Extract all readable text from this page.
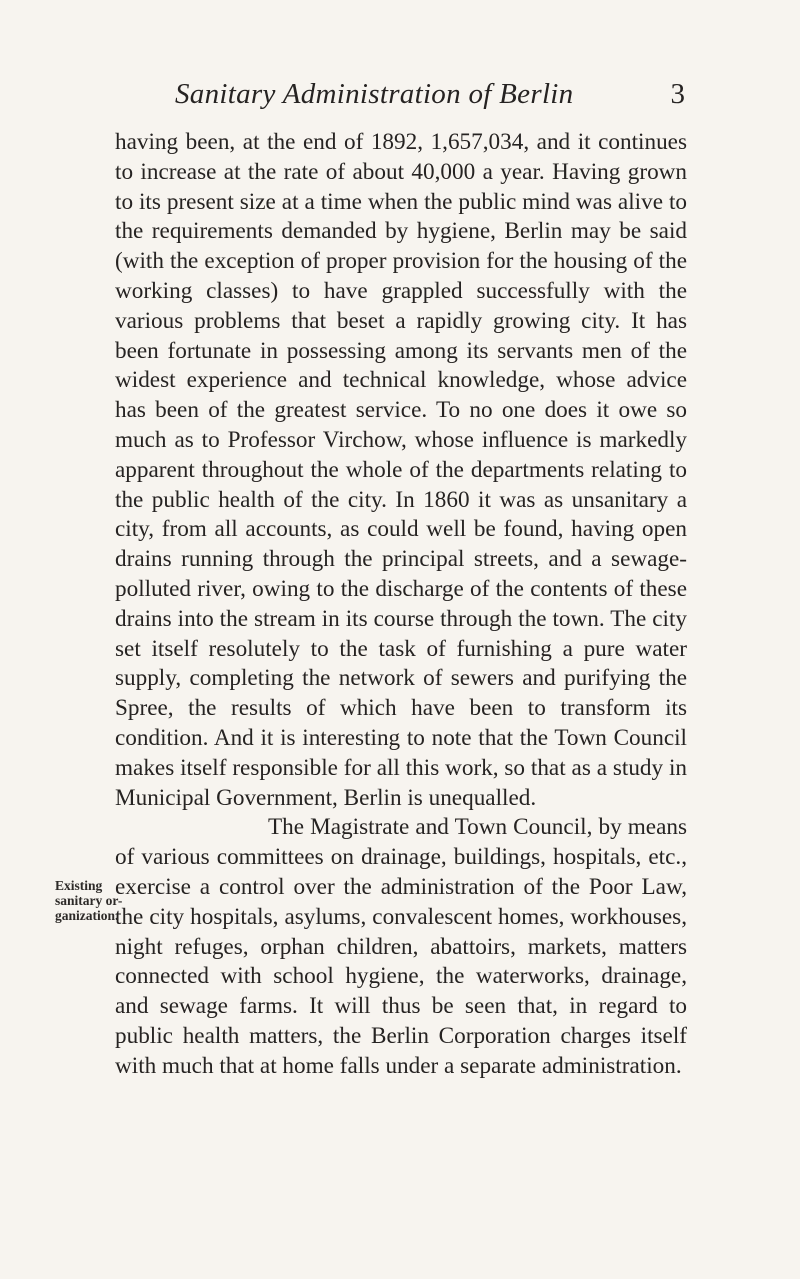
Sanitary Administration of Berlin	3

having been, at the end of 1892, 1,657,034, and it continues to increase at the rate of about 40,000 a year. Having grown to its present size at a time when the public mind was alive to the requirements demanded by hygiene, Berlin may be said (with the exception of proper provision for the housing of the working classes) to have grappled successfully with the various problems that beset a rapidly growing city. It has been fortunate in possessing among its servants men of the widest experience and technical knowledge, whose advice has been of the greatest service. To no one does it owe so much as to Professor Virchow, whose influence is markedly apparent throughout the whole of the departments relating to the public health of the city. In 1860 it was as unsanitary a city, from all accounts, as could well be found, having open drains running through the principal streets, and a sewage-polluted river, owing to the discharge of the contents of these drains into the stream in its course through the town. The city set itself resolutely to the task of furnishing a pure water supply, completing the network of sewers and purifying the Spree, the results of which have been to transform its condition. And it is interesting to note that the Town Council makes itself responsible for all this work, so that as a study in Municipal Government, Berlin is unequalled.

The Magistrate and Town Council, by means of various committees on drainage, buildings, hospitals, etc., exercise a control over the administration of the Poor Law, the city hospitals, asylums, convalescent homes, workhouses, night refuges, orphan children, abattoirs, markets, matters connected with school hygiene, the waterworks, drainage, and sewage farms. It will thus be seen that, in regard to public health matters, the Berlin Corporation charges itself with much that at home falls under a separate administration.

Existing
sanitary or-
ganization.
